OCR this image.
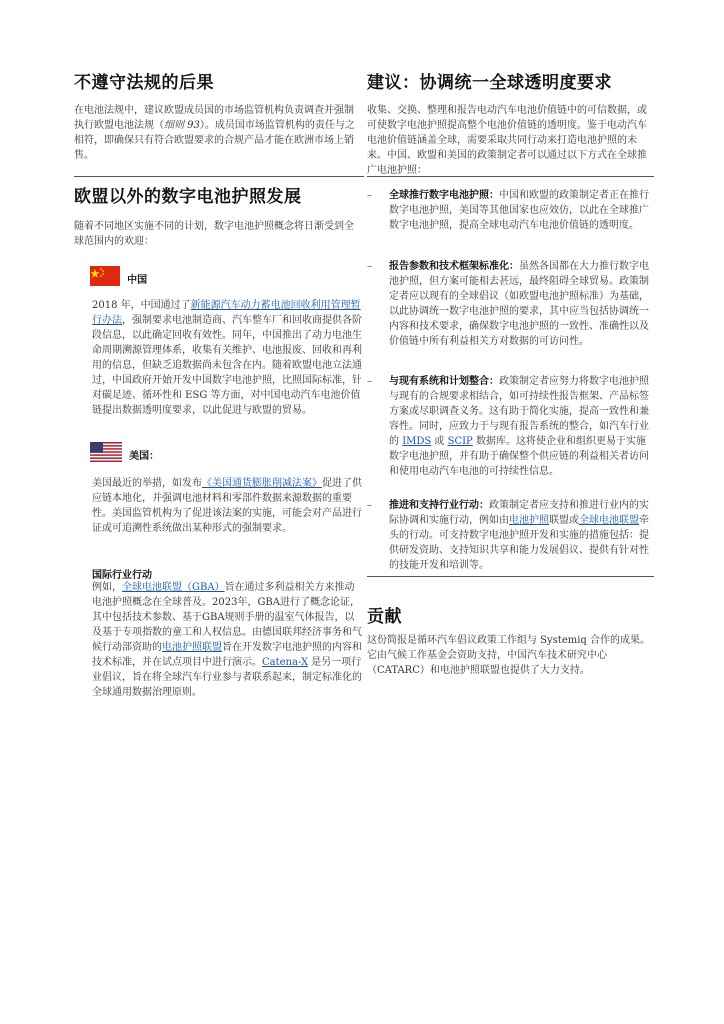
不遵守法规的后果

在电池法规中，建议欧盟成员国的市场监管机构负责调查并强制执行欧盟电池法规（细则 93）。成员国市场监管机构的责任与之相符，即确保只有符合欧盟要求的合规产品才能在欧洲市场上销售。

欧盟以外的数字电池护照发展

随着不同地区实施不同的计划，数字电池护照概念将日渐受到全球范围内的欢迎：

中国

2018 年，中国通过了新能源汽车动力蓄电池回收利用管理暂行办法，强制要求电池制造商、汽车整车厂和回收商提供各阶段信息，以此确定回收有效性。同年，中国推出了动力电池生命周期溯源管理体系，收集有关维护、电池报废、回收和再利用的信息，但缺乏追数据尚未包含在内。随着欧盟电池立法通过，中国政府开始开发中国数字电池护照，比照国际标准，针对碳足迹、循环性和 ESG 等方面，对中国电动汽车电池价值链提出数据透明度要求，以此促进与欧盟的贸易。

美国：

美国最近的举措，如发布《美国通货膨胀削减法案》促进了供应链本地化，并强调电池材料和零部件数据来源数据的重要性。美国监管机构为了促进该法案的实施，可能会对产品进行证或可追溯性系统做出某种形式的强制要求。

国际行业行动

例如，全球电池联盟（GBA）旨在通过多利益相关方来推动电池护照概念在全球普及。2023年，GBA进行了概念论证，其中包括技术参数、基于GBA规则手册的温室气体报告，以及基于专项指数的童工和人权信息。由德国联邦经济事务和气候行动部资助的电池护照联盟旨在开发数字电池护照的内容和技术标准，并在试点项目中进行演示。Catena-X 是另一项行业倡议，旨在将全球汽车行业参与者联系起来，制定标准化的全球通用数据治理原则。

建议：协调统一全球透明度要求

收集、交换、整理和报告电动汽车电池价值链中的可信数据，或可使数字电池护照提高整个电池价值链的透明度。鉴于电动汽车电池价值链涵盖全球，需要采取共同行动来打造电池护照的未来。中国、欧盟和美国的政策制定者可以通过以下方式在全球推广电池护照：

– 全球推行数字电池护照：中国和欧盟的政策制定者正在推行数字电池护照，美国等其他国家也应效仿，以此在全球推广数字电池护照，提高全球电动汽车电池价值链的透明度。

– 报告参数和技术框架标准化：虽然各国都在大力推行数字电池护照，但方案可能相去甚远，最终阻碍全球贸易。政策制定者应以现有的全球倡议（如欧盟电池护照标准）为基础，以此协调统一数字电池护照的要求，其中应当包括协调统一内容和技术要求，确保数字电池护照的一致性、准确性以及价值链中所有利益相关方对数据的可访问性。

– 与现有系统和计划整合：政策制定者应努力将数字电池护照与现有的合规要求相结合，如可持续性报告框架、产品标签方案或尽职调查义务。这有助于简化实施，提高一致性和兼容性。同时，应致力于与现有报告系统的整合，如汽车行业的 IMDS 或 SCIP 数据库。这将使企业和组织更易于实施数字电池护照，并有助于确保整个供应链的利益相关者访问和使用电动汽车电池的可持续性信息。

– 推进和支持行业行动：政策制定者应支持和推进行业内的实际协调和实施行动，例如由电池护照联盟或全球电池联盟牵头的行动。可支持数字电池护照开发和实施的措施包括：提供研发资助、支持知识共享和能力发展倡议、提供有针对性的技能开发和培训等。

贡献

这份简报是循环汽车倡议政策工作组与 Systemiq 合作的成果。它由气候工作基金会资助支持，中国汽车技术研究中心（CATARC）和电池护照联盟也提供了大力支持。
